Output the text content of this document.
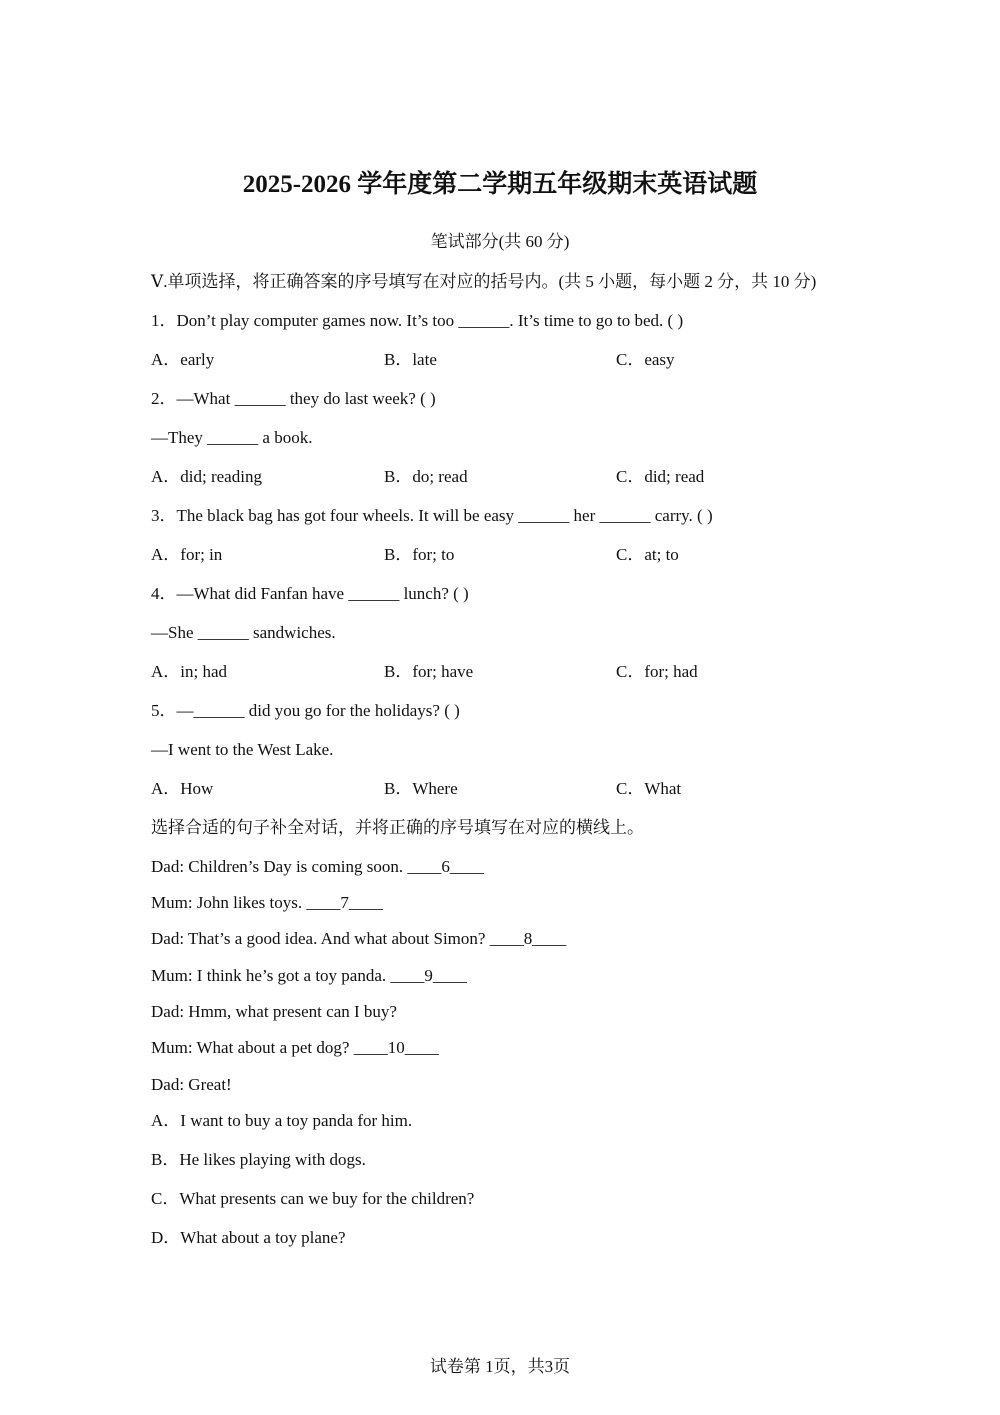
2025-2026 学年度第二学期五年级期末英语试题
笔试部分(共 60 分)
Ⅴ.单项选择，将正确答案的序号填写在对应的括号内。(共 5 小题，每小题 2 分，共 10 分)
1．Don’t play computer games now. It’s too ______. It’s time to go to bed. ( )
A．early	B．late	C．easy
2．—What ______ they do last week? ( )
—They ______ a book.
A．did; reading	B．do; read	C．did; read
3．The black bag has got four wheels. It will be easy ______ her ______ carry. ( )
A．for; in	B．for; to	C．at; to
4．—What did Fanfan have ______ lunch? ( )
—She ______ sandwiches.
A．in; had	B．for; have	C．for; had
5．—______ did you go for the holidays? ( )
—I went to the West Lake.
A．How	B．Where	C．What
选择合适的句子补全对话，并将正确的序号填写在对应的横线上。
Dad: Children’s Day is coming soon. ____6____
Mum: John likes toys. ____7____
Dad: That’s a good idea. And what about Simon? ____8____
Mum: I think he’s got a toy panda. ____9____
Dad: Hmm, what present can I buy?
Mum: What about a pet dog? ____10____
Dad: Great!
A．I want to buy a toy panda for him.
B．He likes playing with dogs.
C．What presents can we buy for the children?
D．What about a toy plane?
试卷第 1页，共3页
